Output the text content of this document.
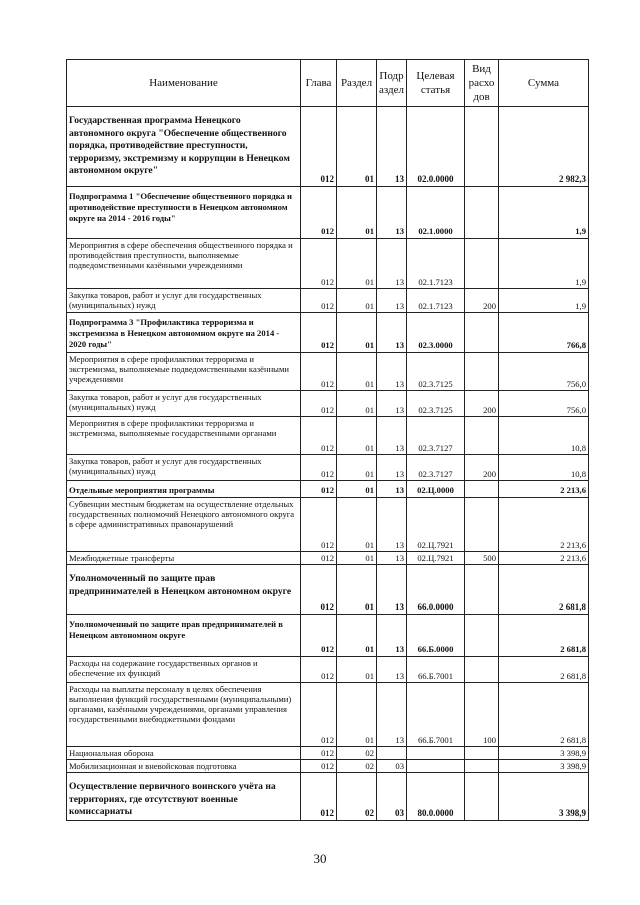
Наименование	Глава	Раздел	Подр аздел	Целевая статья	Вид расхо дов	Сумма
Государственная программа Ненецкого автономного округа "Обеспечение общественного порядка, противодействие преступности, терроризму, экстремизму и коррупции в Ненецком автономном округе"	012	01	13	02.0.0000		2 982,3
Подпрограмма 1 "Обеспечение общественного порядка и противодействие преступности в Ненецком автономном округе на 2014 - 2016 годы"	012	01	13	02.1.0000		1,9
Мероприятия в сфере обеспечения общественного порядка и противодействия преступности, выполняемые подведомственными казёнными учреждениями	012	01	13	02.1.7123		1,9
Закупка товаров, работ и услуг для государственных (муниципальных) нужд	012	01	13	02.1.7123	200	1,9
Подпрограмма 3 "Профилактика терроризма и экстремизма в Ненецком автономном округе на 2014 - 2020 годы"	012	01	13	02.3.0000		766,8
Мероприятия в сфере профилактики терроризма и экстремизма, выполняемые подведомственными казёнными учреждениями	012	01	13	02.3.7125		756,0
Закупка товаров, работ и услуг для государственных (муниципальных) нужд	012	01	13	02.3.7125	200	756,0
Мероприятия в сфере профилактики терроризма и экстремизма, выполняемые государственными органами	012	01	13	02.3.7127		10,8
Закупка товаров, работ и услуг для государственных (муниципальных) нужд	012	01	13	02.3.7127	200	10,8
Отдельные мероприятия программы	012	01	13	02.Ц.0000		2 213,6
Субвенции местным бюджетам на осуществление отдельных государственных полномочий Ненецкого автономного округа в сфере административных правонарушений	012	01	13	02.Ц.7921		2 213,6
Межбюджетные трансферты	012	01	13	02.Ц.7921	500	2 213,6
Уполномоченный по защите прав предпринимателей в Ненецком автономном округе	012	01	13	66.0.0000		2 681,8
Уполномоченный по защите прав предпринимателей в Ненецком автономном округе	012	01	13	66.Б.0000		2 681,8
Расходы на содержание государственных органов и обеспечение их функций	012	01	13	66.Б.7001		2 681,8
Расходы на выплаты персоналу в целях обеспечения выполнения функций государственными (муниципальными) органами, казёнными учреждениями, органами управления государственными внебюджетными фондами	012	01	13	66.Б.7001	100	2 681,8
Национальная оборона	012	02				3 398,9
Мобилизационная и вневойсковая подготовка	012	02	03			3 398,9
Осуществление первичного воинского учёта на территориях, где отсутствуют военные комиссариаты	012	02	03	80.0.0000		3 398,9
30
